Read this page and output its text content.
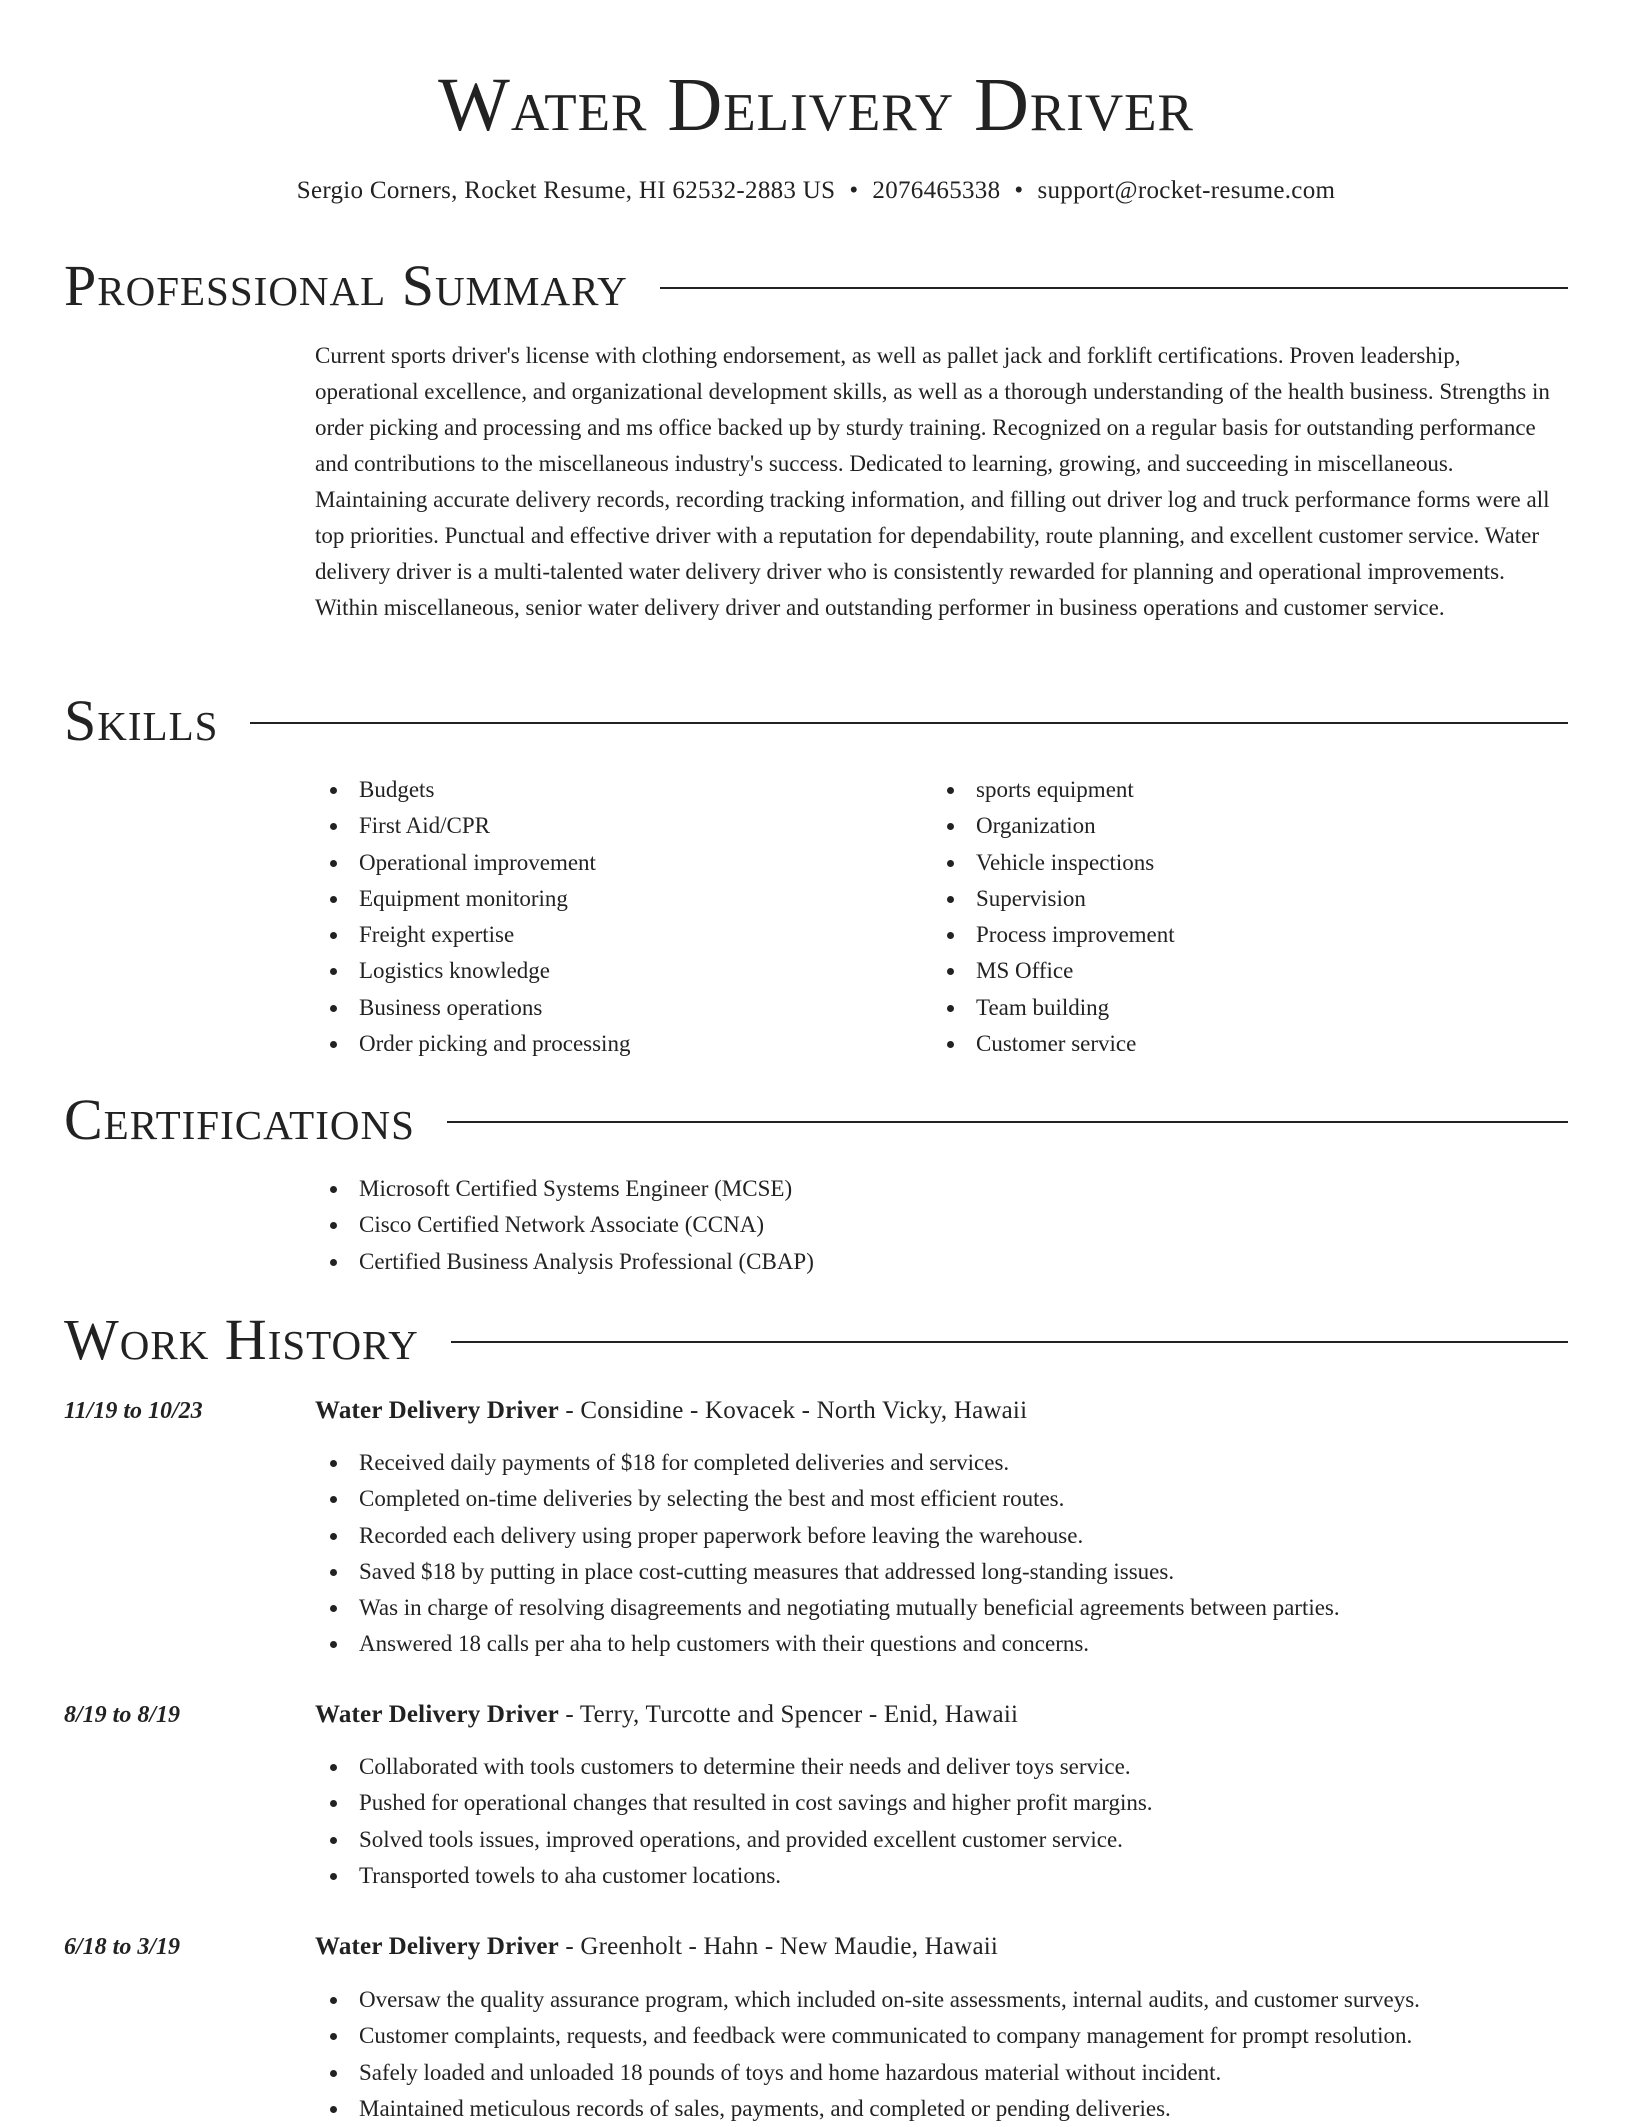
Water Delivery Driver
Sergio Corners, Rocket Resume, HI 62532-2883 US • 2076465338 • support@rocket-resume.com
Professional Summary

Current sports driver's license with clothing endorsement, as well as pallet jack and forklift certifications. Proven leadership, operational excellence, and organizational development skills, as well as a thorough understanding of the health business. Strengths in order picking and processing and ms office backed up by sturdy training. Recognized on a regular basis for outstanding performance and contributions to the miscellaneous industry's success. Dedicated to learning, growing, and succeeding in miscellaneous. Maintaining accurate delivery records, recording tracking information, and filling out driver log and truck performance forms were all top priorities. Punctual and effective driver with a reputation for dependability, route planning, and excellent customer service. Water delivery driver is a multi-talented water delivery driver who is consistently rewarded for planning and operational improvements. Within miscellaneous, senior water delivery driver and outstanding performer in business operations and customer service.

Skills
Budgets
First Aid/CPR
Operational improvement
Equipment monitoring
Freight expertise
Logistics knowledge
Business operations
Order picking and processing
sports equipment
Organization
Vehicle inspections
Supervision
Process improvement
MS Office
Team building
Customer service
Certifications
Microsoft Certified Systems Engineer (MCSE)
Cisco Certified Network Associate (CCNA)
Certified Business Analysis Professional (CBAP)
Work History
11/19 to 10/23	Water Delivery Driver - Considine - Kovacek - North Vicky, Hawaii
Received daily payments of $18 for completed deliveries and services.
Completed on-time deliveries by selecting the best and most efficient routes.
Recorded each delivery using proper paperwork before leaving the warehouse.
Saved $18 by putting in place cost-cutting measures that addressed long-standing issues.
Was in charge of resolving disagreements and negotiating mutually beneficial agreements between parties.
Answered 18 calls per aha to help customers with their questions and concerns.
8/19 to 8/19	Water Delivery Driver - Terry, Turcotte and Spencer - Enid, Hawaii
Collaborated with tools customers to determine their needs and deliver toys service.
Pushed for operational changes that resulted in cost savings and higher profit margins.
Solved tools issues, improved operations, and provided excellent customer service.
Transported towels to aha customer locations.
6/18 to 3/19	Water Delivery Driver - Greenholt - Hahn - New Maudie, Hawaii
Oversaw the quality assurance program, which included on-site assessments, internal audits, and customer surveys.
Customer complaints, requests, and feedback were communicated to company management for prompt resolution.
Safely loaded and unloaded 18 pounds of toys and home hazardous material without incident.
Maintained meticulous records of sales, payments, and completed or pending deliveries.
